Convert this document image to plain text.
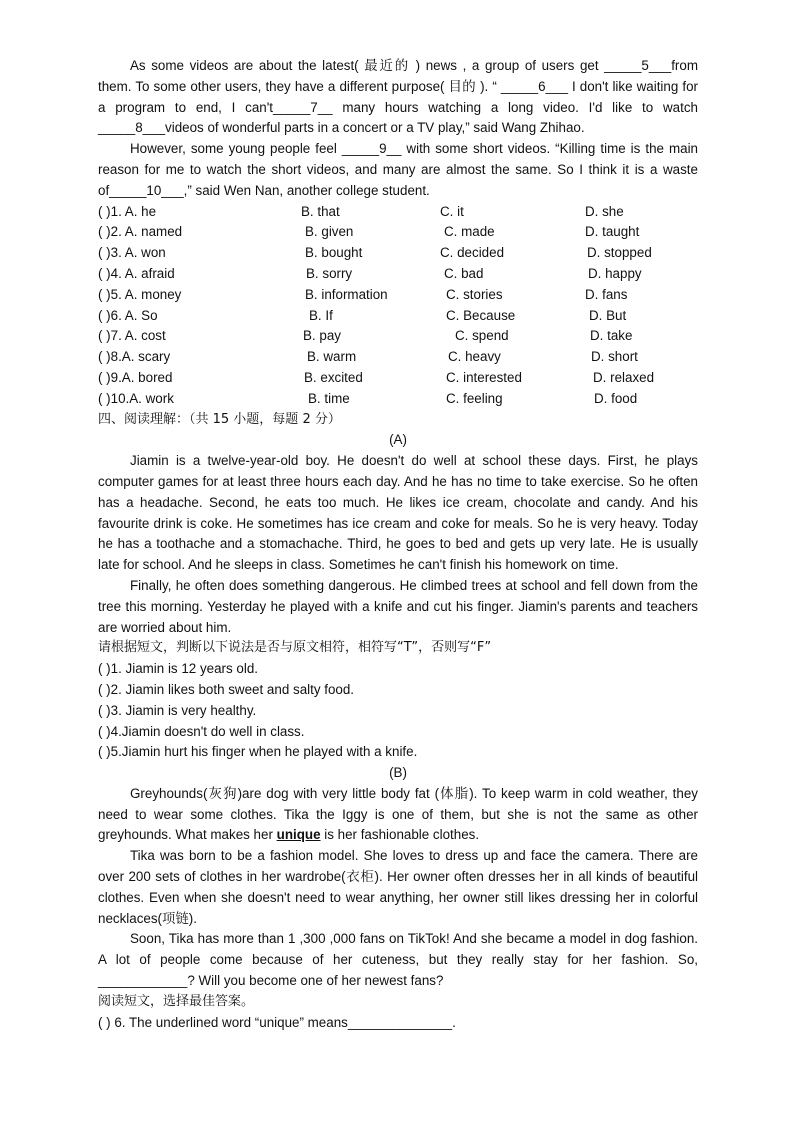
As some videos are about the latest( 最近的 ) news , a group of users get _____5___from them. To some other users, they have a different purpose( 目的 ). “ _____6___ I don't like waiting for a program to end, I can't_____7__ many hours watching a long video. I'd like to watch _____8___videos of wonderful parts in a concert or a TV play,” said Wang Zhihao.

However, some young people feel _____9__ with some short videos. “Killing time is the main reason for me to watch the short videos, and many are almost the same. So I think it is a waste of_____10___,” said Wen Nan, another college student.

( )1. A. he	B. that	C. it	D. she
( )2. A. named	B. given	C. made	D. taught
( )3. A. won	B. bought	C. decided	D. stopped
( )4. A. afraid	B. sorry	C. bad	D. happy
( )5. A. money	B. information	C. stories	D. fans
( )6. A. So	B. If	C. Because	D. But
( )7. A. cost	B. pay	C. spend	D. take
( )8.A. scary	B. warm	C. heavy	D. short
( )9.A. bored	B. excited	C. interested	D. relaxed
( )10.A. work	B. time	C. feeling	D. food
四、阅读理解：（共 15 小题，每题 2 分）
(A)

Jiamin is a twelve-year-old boy. He doesn't do well at school these days. First, he plays computer games for at least three hours each day. And he has no time to take exercise. So he often has a headache. Second, he eats too much. He likes ice cream, chocolate and candy. And his favourite drink is coke. He sometimes has ice cream and coke for meals. So he is very heavy. Today he has a toothache and a stomachache. Third, he goes to bed and gets up very late. He is usually late for school. And he sleeps in class. Sometimes he can't finish his homework on time.

Finally, he often does something dangerous. He climbed trees at school and fell down from the tree this morning. Yesterday he played with a knife and cut his finger. Jiamin's parents and teachers are worried about him.

请根据短文，判断以下说法是否与原文相符，相符写“T”，否则写“F”
( )1. Jiamin is 12 years old.
( )2. Jiamin likes both sweet and salty food.
( )3. Jiamin is very healthy.
( )4.Jiamin doesn't do well in class.
( )5.Jiamin hurt his finger when he played with a knife.
(B)

Greyhounds(灰狗)are dog with very little body fat (体脂). To keep warm in cold weather, they need to wear some clothes. Tika the Iggy is one of them, but she is not the same as other greyhounds. What makes her unique is her fashionable clothes.

Tika was born to be a fashion model. She loves to dress up and face the camera. There are over 200 sets of clothes in her wardrobe(衣柜). Her owner often dresses her in all kinds of beautiful clothes. Even when she doesn't need to wear anything, her owner still likes dressing her in colorful necklaces(项链).

Soon, Tika has more than 1 ,300 ,000 fans on TikTok! And she became a model in dog fashion. A lot of people come because of her cuteness, but they really stay for her fashion. So, ____________? Will you become one of her newest fans?

阅读短文，选择最佳答案。
( ) 6. The underlined word “unique” means______________.
